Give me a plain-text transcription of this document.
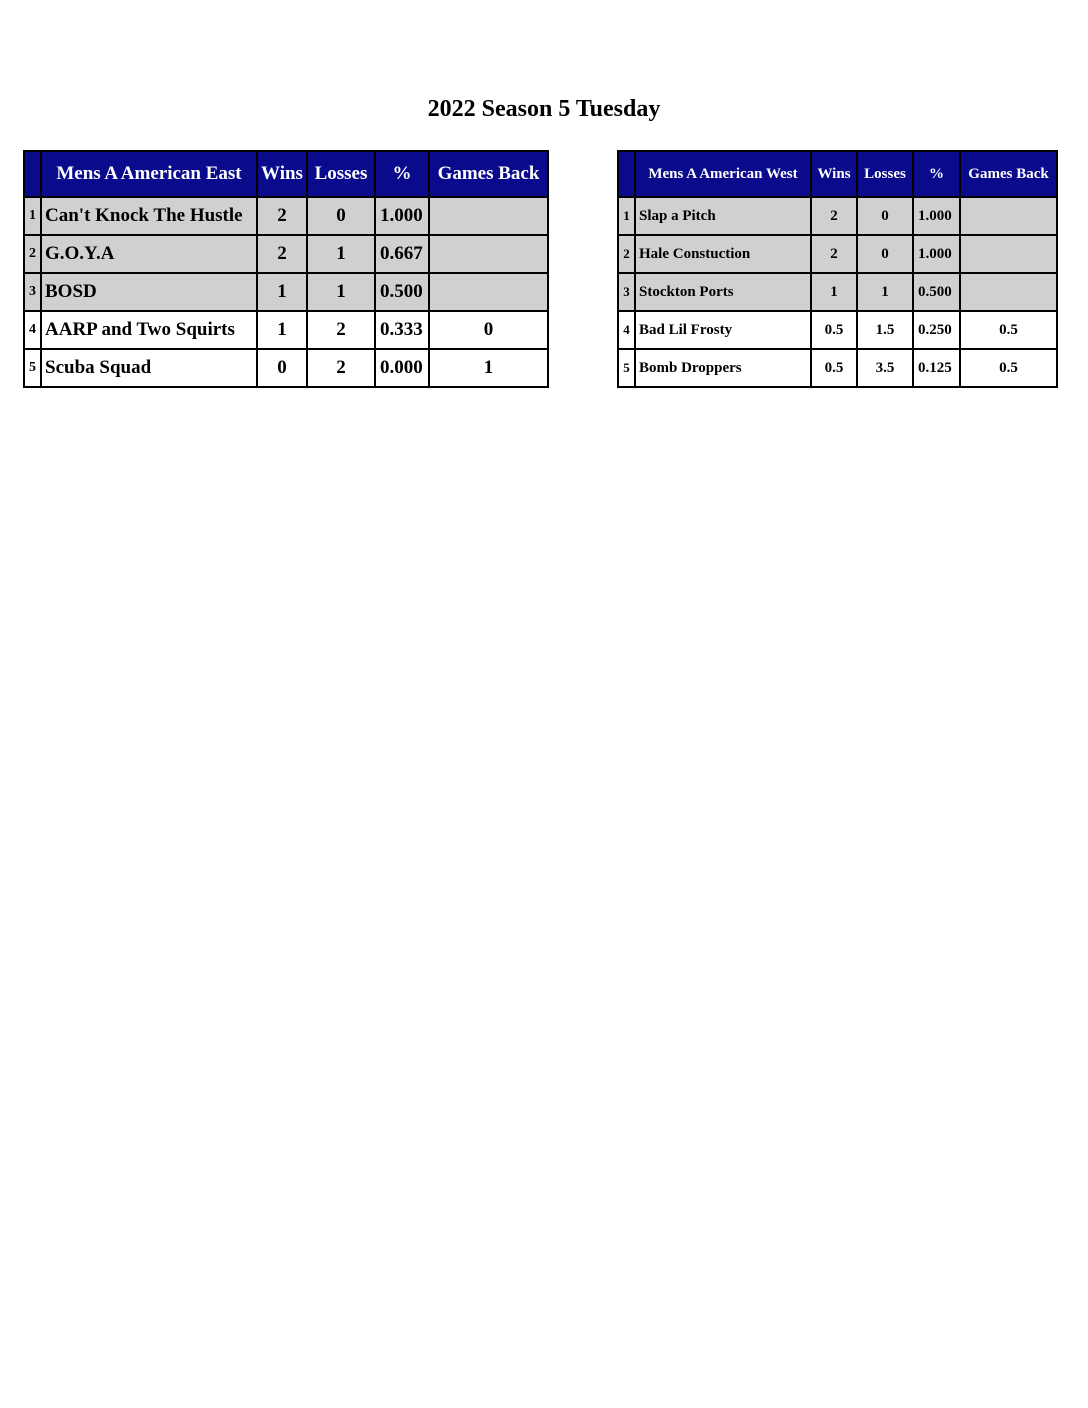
2022 Season 5 Tuesday
	Mens A American East	Wins	Losses	%	Games Back
1	Can't Knock The Hustle	2	0	1.000	
2	G.O.Y.A	2	1	0.667	
3	BOSD	1	1	0.500	
4	AARP and Two Squirts	1	2	0.333	0
5	Scuba Squad	0	2	0.000	1
	Mens A American West	Wins	Losses	%	Games Back
1	Slap a Pitch	2	0	1.000	
2	Hale Constuction	2	0	1.000	
3	Stockton Ports	1	1	0.500	
4	Bad Lil Frosty	0.5	1.5	0.250	0.5
5	Bomb Droppers	0.5	3.5	0.125	0.5
